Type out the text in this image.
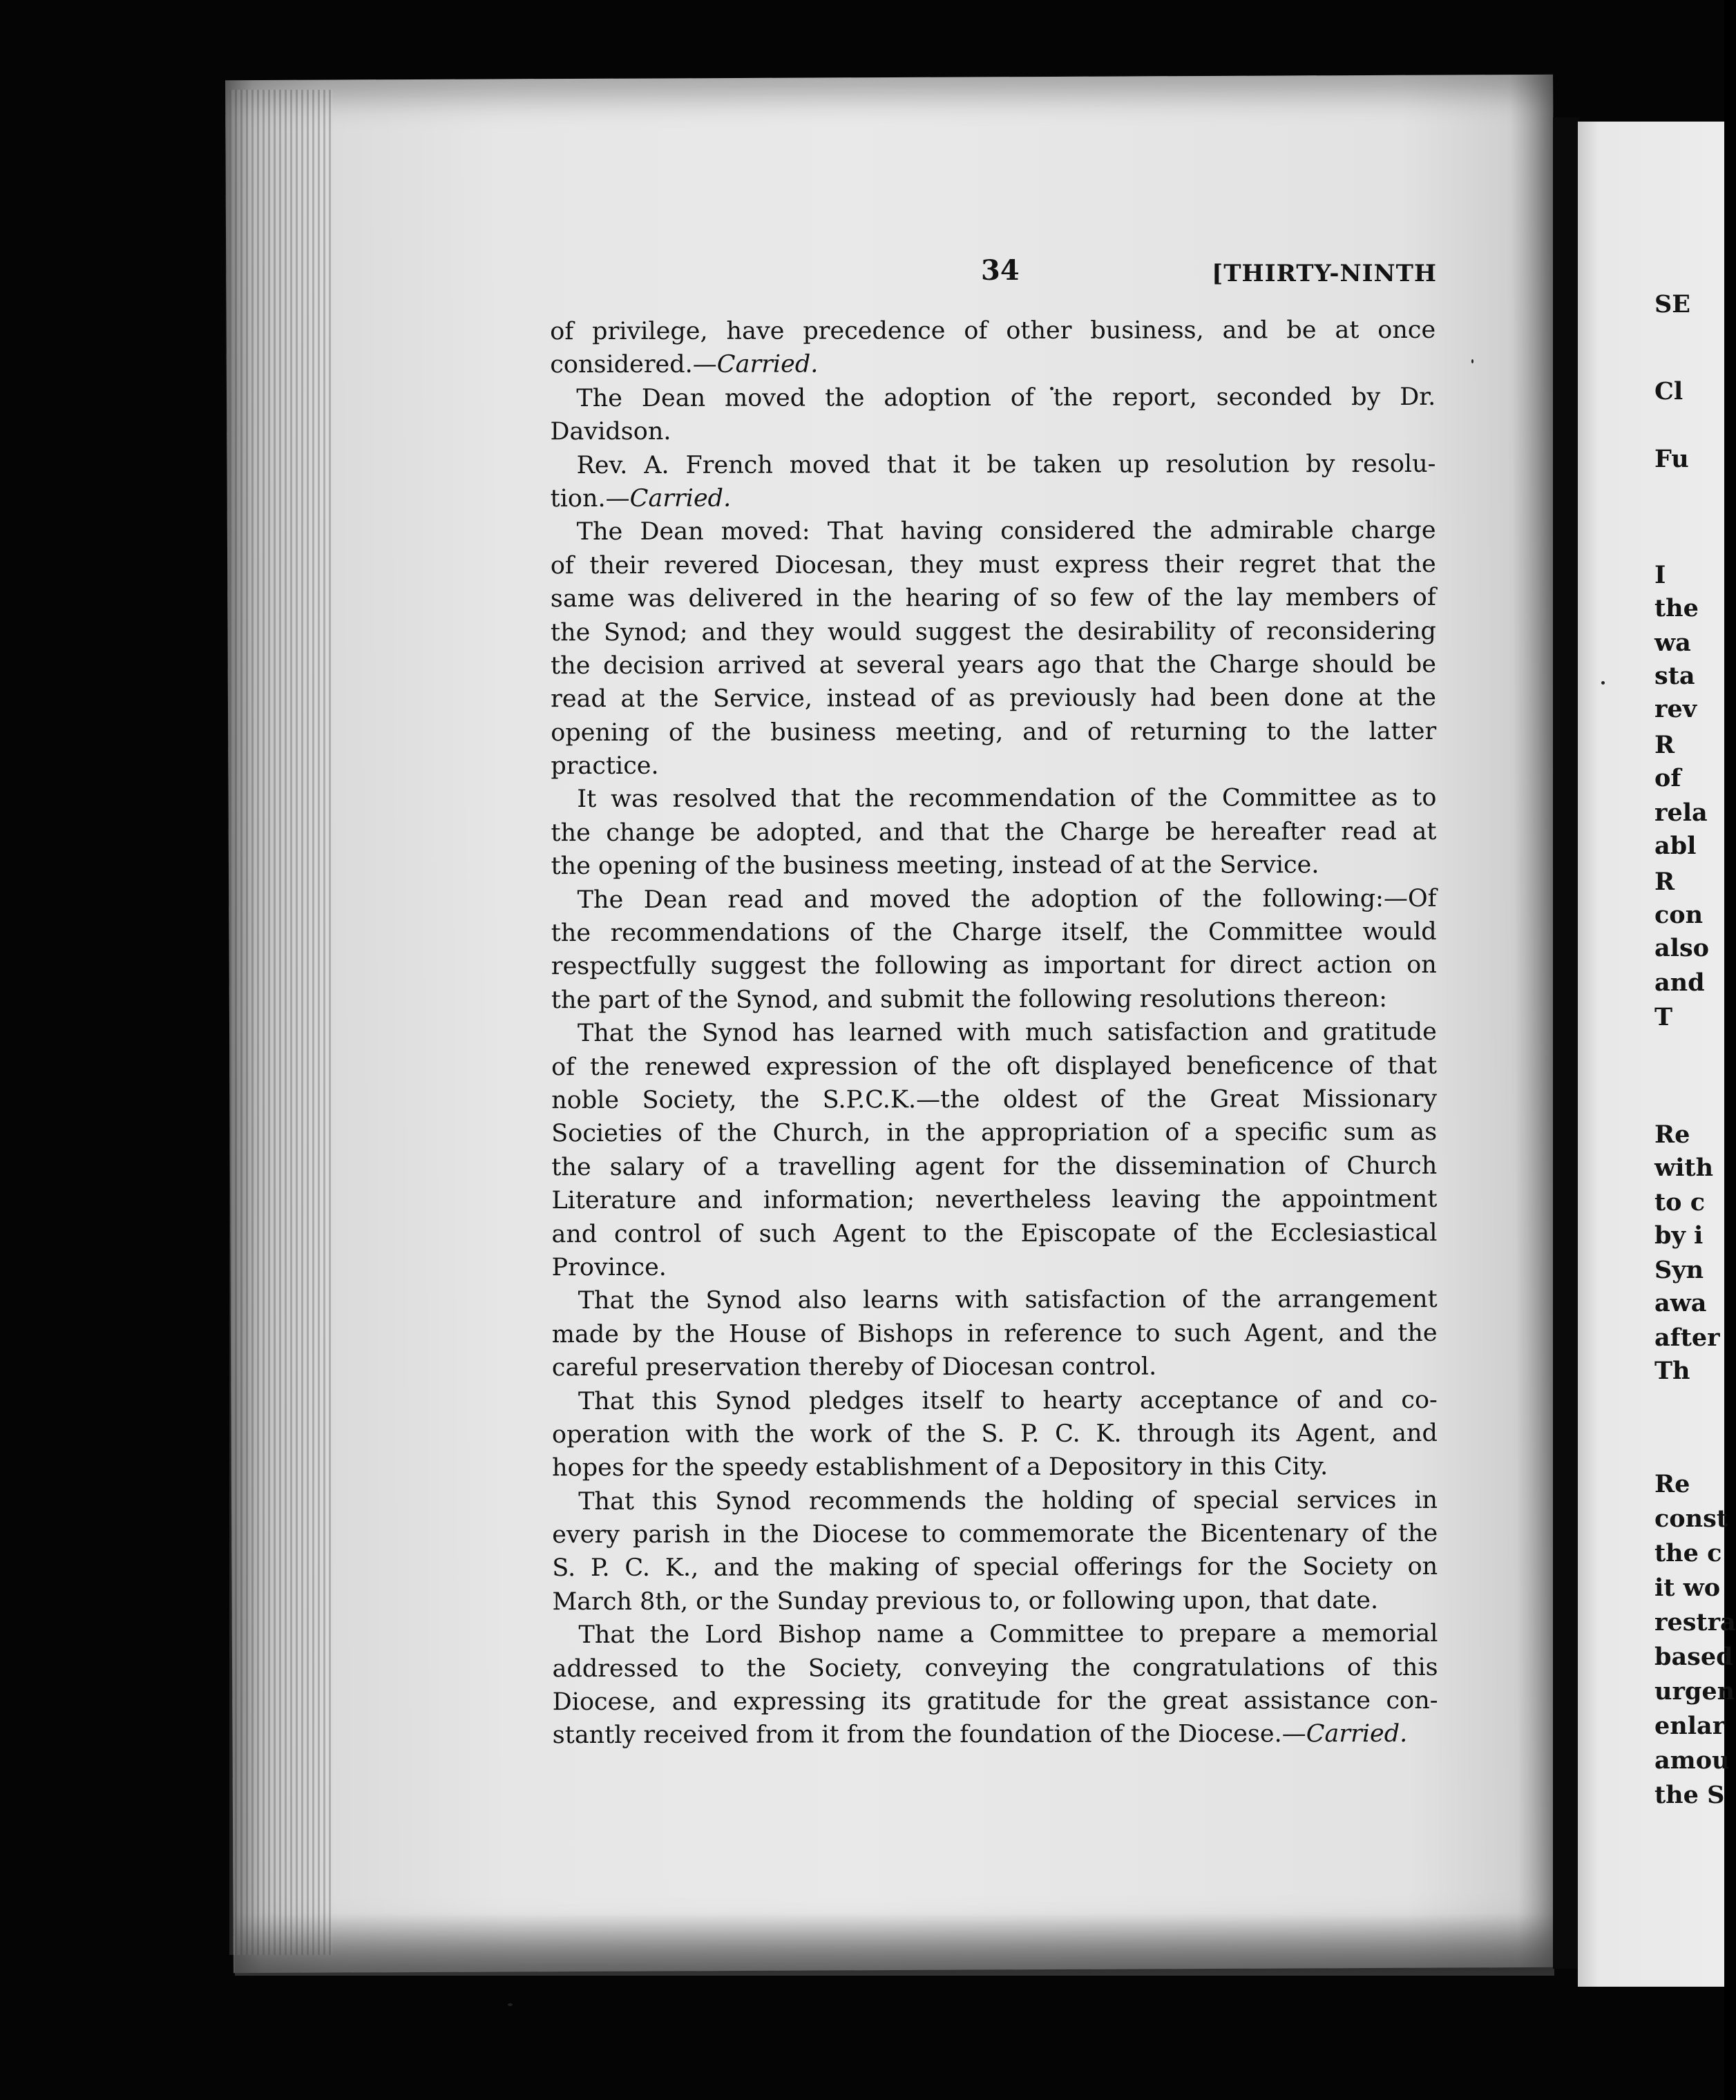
34	[THIRTY-NINTH
of privilege, have precedence of other business, and be at once
considered.— Carried.
The Dean moved the adoption of the report, seconded by Dr.
Davidson.
Rev. A. French moved that it be taken up resolution by resolu-
tion.— Carried.
The Dean moved: That having considered the admirable charge
of their revered Diocesan, they must express their regret that the
same was delivered in the hearing of so few of the lay members of
the Synod; and they would suggest the desirability of reconsidering
the decision arrived at several years ago that the Charge should be
read at the Service, instead of as previously had been done at the
opening of the business meeting, and of returning to the latter
practice.
It was resolved that the recommendation of the Committee as to
the change be adopted, and that the Charge be hereafter read at
the opening of the business meeting, instead of at the Service.
The Dean read and moved the adoption of the following:—Of
the recommendations of the Charge itself, the Committee would
respectfully suggest the following as important for direct action on
the part of the Synod, and submit the following resolutions thereon:
That the Synod has learned with much satisfaction and gratitude
of the renewed expression of the oft displayed beneficence of that
noble Society, the S.P.C.K.—the oldest of the Great Missionary
Societies of the Church, in the appropriation of a specific sum as
the salary of a travelling agent for the dissemination of Church
Literature and information; nevertheless leaving the appointment
and control of such Agent to the Episcopate of the Ecclesiastical
Province.
That the Synod also learns with satisfaction of the arrangement
made by the House of Bishops in reference to such Agent, and the
careful preservation thereby of Diocesan control.
That this Synod pledges itself to hearty acceptance of and co-
operation with the work of the S. P. C. K. through its Agent, and
hopes for the speedy establishment of a Depository in this City.
That this Synod recommends the holding of special services in
every parish in the Diocese to commemorate the Bicentenary of the
S. P. C. K., and the making of special offerings for the Society on
March 8th, or the Sunday previous to, or following upon, that date.
That the Lord Bishop name a Committee to prepare a memorial
addressed to the Society, conveying the congratulations of this
Diocese, and expressing its gratitude for the great assistance con-
stantly received from it from the foundation of the Diocese.— Carried.
SE
Cl
Fu
I
the
wa
sta
rev
R
of
rela
abl
R
con
also
and
T
Re
with
to c
by i
Syn
awa
after
Th
Re
const
the c
it wo
restra
based
urgen
enlar
amou
the S
